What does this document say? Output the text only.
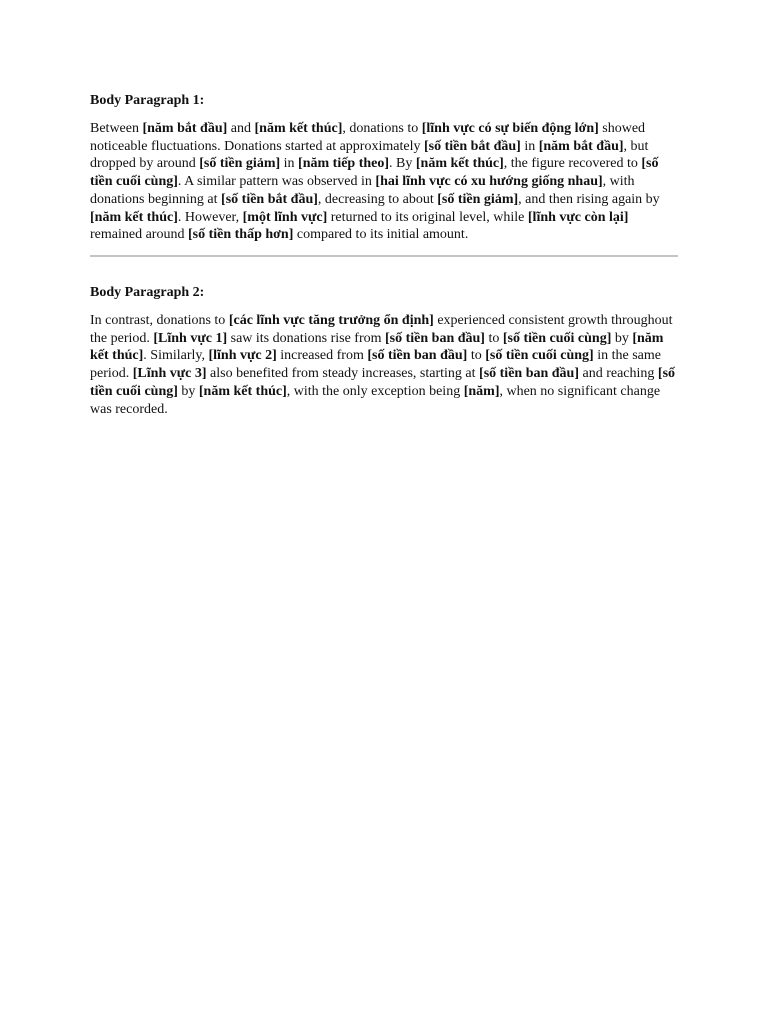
Body Paragraph 1:

Between [năm bắt đầu] and [năm kết thúc], donations to [lĩnh vực có sự biến động lớn] showed noticeable fluctuations. Donations started at approximately [số tiền bắt đầu] in [năm bắt đầu], but dropped by around [số tiền giảm] in [năm tiếp theo]. By [năm kết thúc], the figure recovered to [số tiền cuối cùng]. A similar pattern was observed in [hai lĩnh vực có xu hướng giống nhau], with donations beginning at [số tiền bắt đầu], decreasing to about [số tiền giảm], and then rising again by [năm kết thúc]. However, [một lĩnh vực] returned to its original level, while [lĩnh vực còn lại] remained around [số tiền thấp hơn] compared to its initial amount.

Body Paragraph 2:

In contrast, donations to [các lĩnh vực tăng trưởng ổn định] experienced consistent growth throughout the period. [Lĩnh vực 1] saw its donations rise from [số tiền ban đầu] to [số tiền cuối cùng] by [năm kết thúc]. Similarly, [lĩnh vực 2] increased from [số tiền ban đầu] to [số tiền cuối cùng] in the same period. [Lĩnh vực 3] also benefited from steady increases, starting at [số tiền ban đầu] and reaching [số tiền cuối cùng] by [năm kết thúc], with the only exception being [năm], when no significant change was recorded.
